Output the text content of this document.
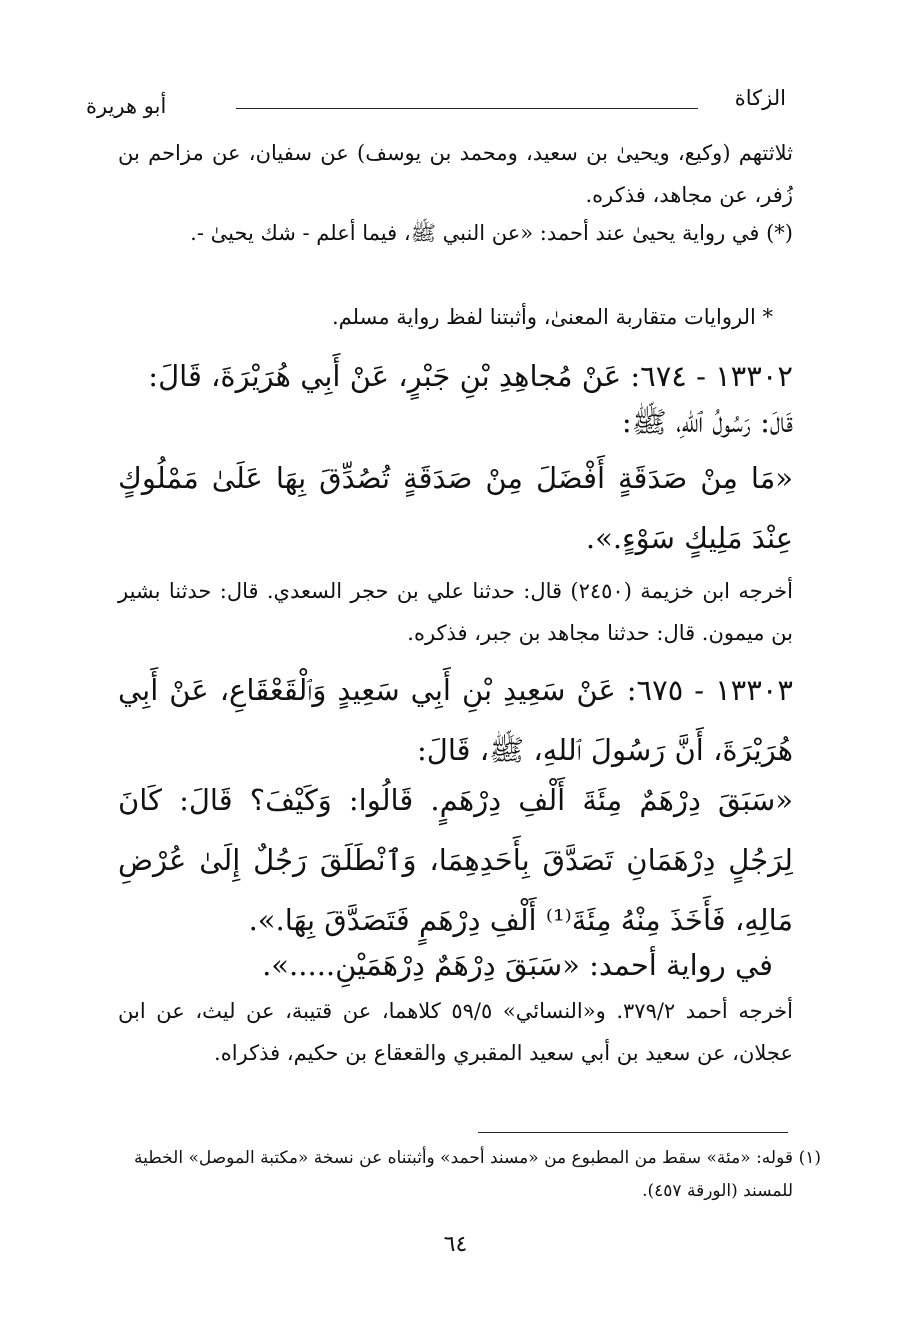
الزكاة
أبو هريرة

ثلاثتهم (وكيع، ويحيىٰ بن سعيد، ومحمد بن يوسف) عن سفيان، عن مزاحم بن زُفر، عن مجاهد، فذكره.

(*) في رواية يحيىٰ عند أحمد: «عن النبي ﷺ، فيما أعلم - شك يحيىٰ -.

* الروايات متقاربة المعنىٰ، وأثبتنا لفظ رواية مسلم.

١٣٣٠٢ - ٦٧٤: عَنْ مُجاهِدِ بْنِ جَبْرٍ، عَنْ أَبِي هُرَيْرَةَ، قَالَ:

قَالَ: رَسُولُ ٱللهِ، ﷺ:

«مَا مِنْ صَدَقَةٍ أَفْضَلَ مِنْ صَدَقَةٍ تُصُدِّقَ بِهَا عَلَىٰ مَمْلُوكٍ عِنْدَ مَلِيكٍ سَوْءٍ.».

أخرجه ابن خزيمة (٢٤٥٠) قال: حدثنا علي بن حجر السعدي. قال: حدثنا بشير بن ميمون. قال: حدثنا مجاهد بن جبر، فذكره.

١٣٣٠٣ - ٦٧٥: عَنْ سَعِيدِ بْنِ أَبِي سَعِيدٍ وَٱلْقَعْقَاعِ، عَنْ أَبِي هُرَيْرَةَ، أَنَّ رَسُولَ ٱللهِ، ﷺ، قَالَ:

«سَبَقَ دِرْهَمٌ مِئَةَ أَلْفِ دِرْهَمٍ. قَالُوا: وَكَيْفَ؟ قَالَ: كَانَ لِرَجُلٍ دِرْهَمَانِ تَصَدَّقَ بِأَحَدِهِمَا، وَٱنْطَلَقَ رَجُلٌ إِلَىٰ عُرْضِ مَالِهِ، فَأَخَذَ مِنْهُ مِئَةَ⁽¹⁾ أَلْفِ دِرْهَمٍ فَتَصَدَّقَ بِهَا.».

في رواية أحمد: «سَبَقَ دِرْهَمٌ دِرْهَمَيْنِ.....».

أخرجه أحمد ٣٧٩/٢. و«النسائي» ٥٩/٥ كلاهما، عن قتيبة، عن ليث، عن ابن عجلان، عن سعيد بن أبي سعيد المقبري والقعقاع بن حكيم، فذكراه.

(١)

قوله: «مئة» سقط من المطبوع من «مسند أحمد» وأثبتناه عن نسخة «مكتبة الموصل» الخطية للمسند (الورقة ٤٥٧).

٦٤
